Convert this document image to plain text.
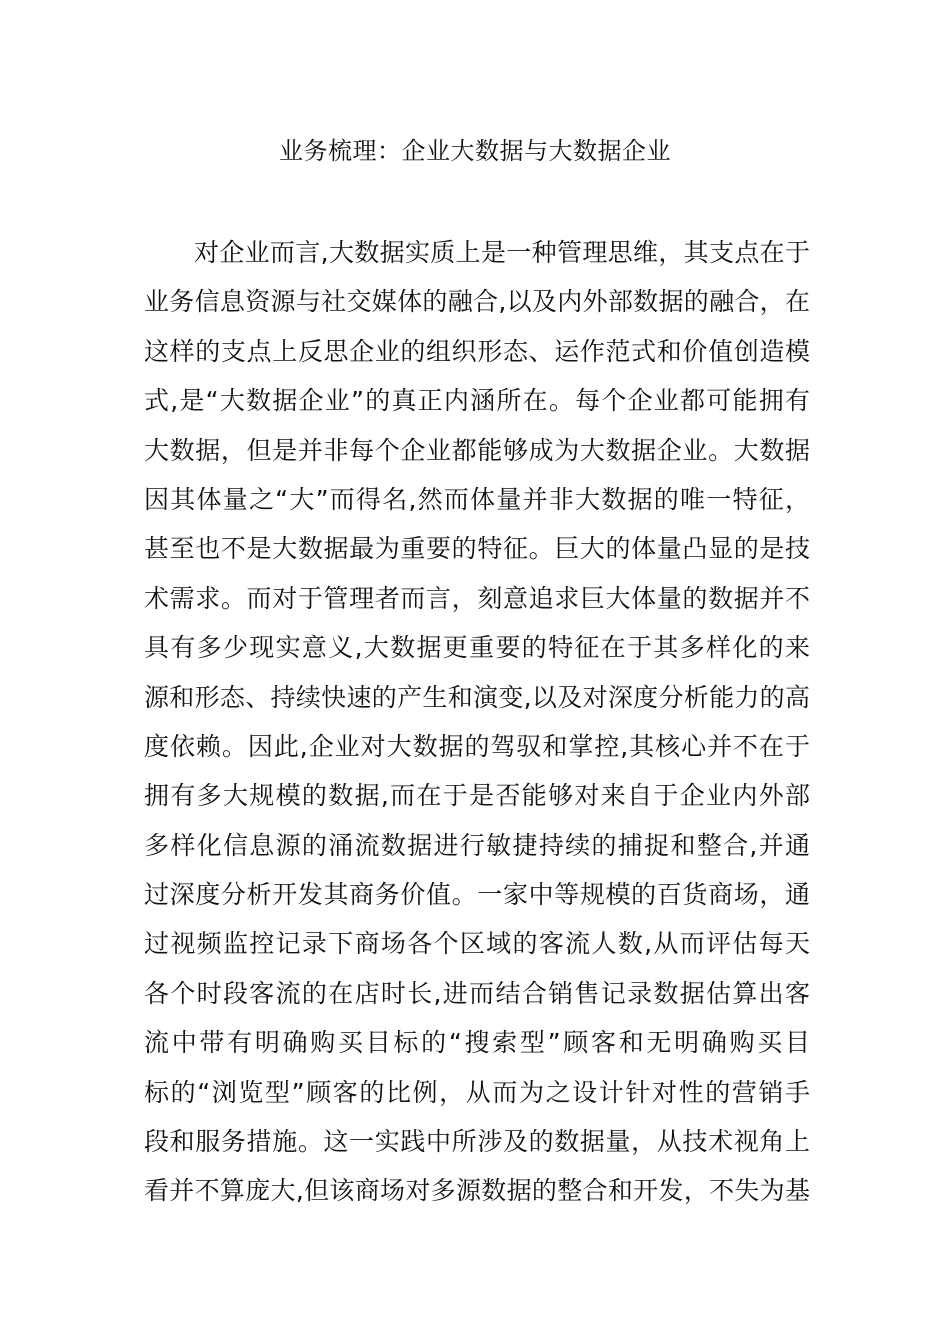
业务梳理：企业大数据与大数据企业
对企业而言,大数据实质上是一种管理思维，其支点在于
业务信息资源与社交媒体的融合,以及内外部数据的融合，在
这样的支点上反思企业的组织形态、运作范式和价值创造模
式,是“大数据企业”的真正内涵所在。每个企业都可能拥有
大数据，但是并非每个企业都能够成为大数据企业。大数据
因其体量之“大”而得名,然而体量并非大数据的唯一特征，
甚至也不是大数据最为重要的特征。巨大的体量凸显的是技
术需求。而对于管理者而言，刻意追求巨大体量的数据并不
具有多少现实意义,大数据更重要的特征在于其多样化的来
源和形态、持续快速的产生和演变,以及对深度分析能力的高
度依赖。因此,企业对大数据的驾驭和掌控,其核心并不在于
拥有多大规模的数据,而在于是否能够对来自于企业内外部
多样化信息源的涌流数据进行敏捷持续的捕捉和整合,并通
过深度分析开发其商务价值。一家中等规模的百货商场，通
过视频监控记录下商场各个区域的客流人数,从而评估每天
各个时段客流的在店时长,进而结合销售记录数据估算出客
流中带有明确购买目标的“搜索型”顾客和无明确购买目
标的“浏览型”顾客的比例，从而为之设计针对性的营销手
段和服务措施。这一实践中所涉及的数据量，从技术视角上
看并不算庞大,但该商场对多源数据的整合和开发，不失为基
